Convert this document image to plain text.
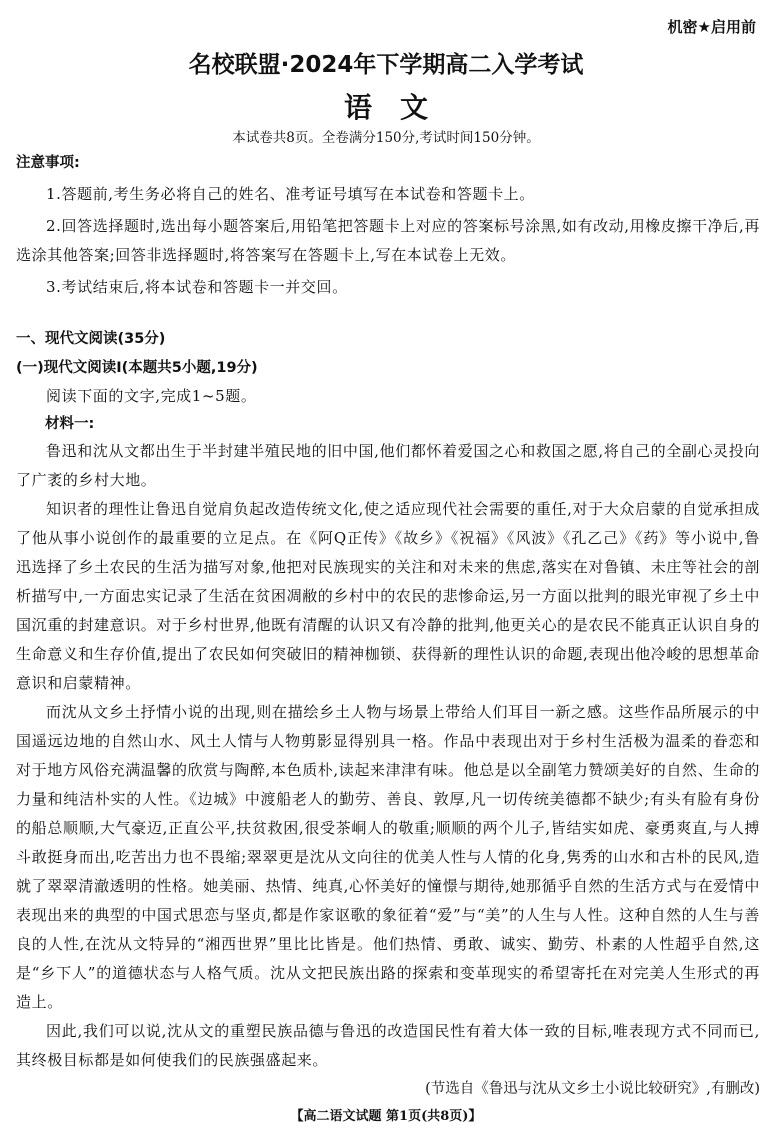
机密★启用前
名校联盟·2024年下学期高二入学考试
语文
本试卷共8页。全卷满分150分,考试时间150分钟。
注意事项:
1.答题前,考生务必将自己的姓名、准考证号填写在本试卷和答题卡上。
2.回答选择题时,选出每小题答案后,用铅笔把答题卡上对应的答案标号涂黑,如有改动,用橡皮擦干净后,再选涂其他答案;回答非选择题时,将答案写在答题卡上,写在本试卷上无效。
3.考试结束后,将本试卷和答题卡一并交回。
一、现代文阅读(35分)
(一)现代文阅读Ⅰ(本题共5小题,19分)
阅读下面的文字,完成1~5题。
材料一:
鲁迅和沈从文都出生于半封建半殖民地的旧中国,他们都怀着爱国之心和救国之愿,将自己的全副心灵投向了广袤的乡村大地。
知识者的理性让鲁迅自觉肩负起改造传统文化,使之适应现代社会需要的重任,对于大众启蒙的自觉承担成了他从事小说创作的最重要的立足点。在《阿Q正传》《故乡》《祝福》《风波》《孔乙己》《药》等小说中,鲁迅选择了乡土农民的生活为描写对象,他把对民族现实的关注和对未来的焦虑,落实在对鲁镇、未庄等社会的剖析描写中,一方面忠实记录了生活在贫困凋敝的乡村中的农民的悲惨命运,另一方面以批判的眼光审视了乡土中国沉重的封建意识。对于乡村世界,他既有清醒的认识又有冷静的批判,他更关心的是农民不能真正认识自身的生命意义和生存价值,提出了农民如何突破旧的精神枷锁、获得新的理性认识的命题,表现出他冷峻的思想革命意识和启蒙精神。
而沈从文乡土抒情小说的出现,则在描绘乡土人物与场景上带给人们耳目一新之感。这些作品所展示的中国遥远边地的自然山水、风土人情与人物剪影显得别具一格。作品中表现出对于乡村生活极为温柔的眷恋和对于地方风俗充满温馨的欣赏与陶醉,本色质朴,读起来津津有味。他总是以全副笔力赞颂美好的自然、生命的力量和纯洁朴实的人性。《边城》中渡船老人的勤劳、善良、敦厚,凡一切传统美德都不缺少;有头有脸有身份的船总顺顺,大气豪迈,正直公平,扶贫救困,很受茶峒人的敬重;顺顺的两个儿子,皆结实如虎、豪勇爽直,与人搏斗敢挺身而出,吃苦出力也不畏缩;翠翠更是沈从文向往的优美人性与人情的化身,隽秀的山水和古朴的民风,造就了翠翠清澈透明的性格。她美丽、热情、纯真,心怀美好的憧憬与期待,她那循乎自然的生活方式与在爱情中表现出来的典型的中国式思恋与坚贞,都是作家讴歌的象征着“爱”与“美”的人生与人性。这种自然的人生与善良的人性,在沈从文特异的“湘西世界”里比比皆是。他们热情、勇敢、诚实、勤劳、朴素的人性超乎自然,这是“乡下人”的道德状态与人格气质。沈从文把民族出路的探索和变革现实的希望寄托在对完美人生形式的再造上。
因此,我们可以说,沈从文的重塑民族品德与鲁迅的改造国民性有着大体一致的目标,唯表现方式不同而已,其终极目标都是如何使我们的民族强盛起来。
(节选自《鲁迅与沈从文乡土小说比较研究》,有删改)
【高二语文试题 第1页(共8页)】
